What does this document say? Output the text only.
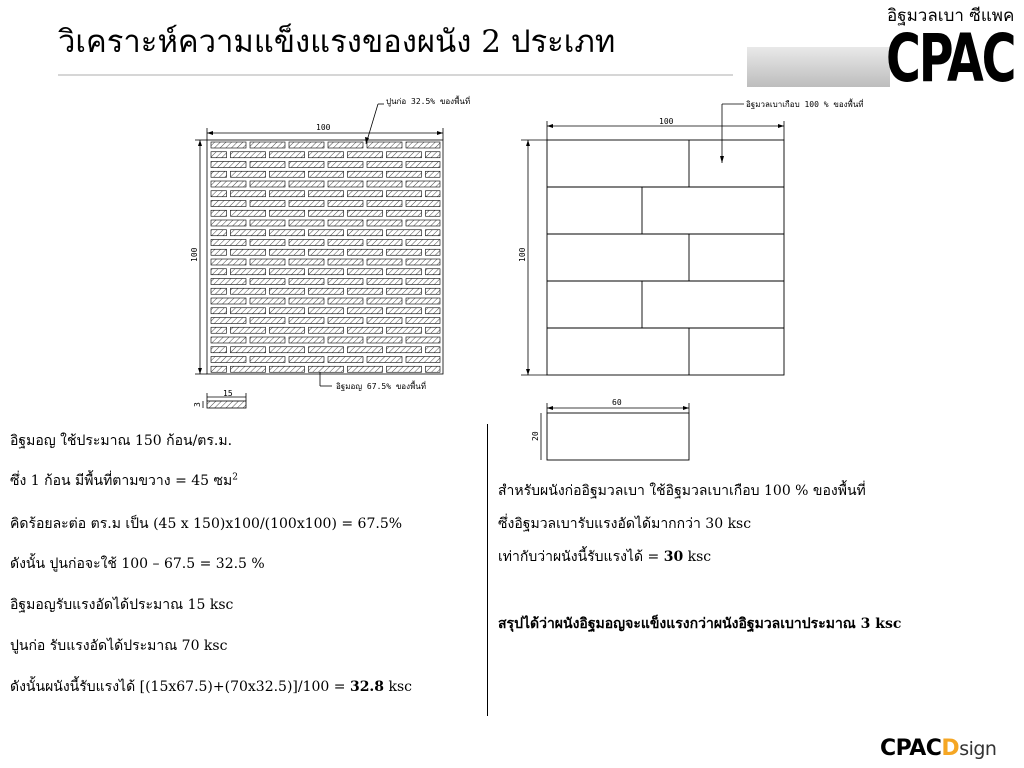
วิเคราะห์ความแข็งแรงของผนัง 2 ประเภท
อิฐมวลเบา ซีแพค
CPAC
100
100
ปูนก่อ 32.5% ของพื้นที่
อิฐมอญ 67.5% ของพื้นที่
15
3
100
100
อิฐมวลเบาเกือบ 100 % ของพื้นที่
60
20
อิฐมอญ ใช้ประมาณ 150 ก้อน/ตร.ม.
ซึ่ง 1 ก้อน มีพื้นที่ตามขวาง = 45 ซม$^2$
คิดร้อยละต่อ ตร.ม เป็น (45 x 150)x100/(100x100) = 67.5%
ดังนั้น ปูนก่อจะใช้ 100 – 67.5 = 32.5 %
อิฐมอญรับแรงอัดได้ประมาณ 15 ksc
ปูนก่อ รับแรงอัดได้ประมาณ 70 ksc
ดังนั้นผนังนี้รับแรงได้ [(15x67.5)+(70x32.5)]/100 = 32.8 ksc
สำหรับผนังก่ออิฐมวลเบา ใช้อิฐมวลเบาเกือบ 100 % ของพื้นที่
ซึ่งอิฐมวลเบารับแรงอัดได้มากกว่า 30 ksc
เท่ากับว่าผนังนี้รับแรงได้ = 30 ksc
สรุปได้ว่าผนังอิฐมอญจะแข็งแรงกว่าผนังอิฐมวลเบาประมาณ 3 ksc
CPACDsign
